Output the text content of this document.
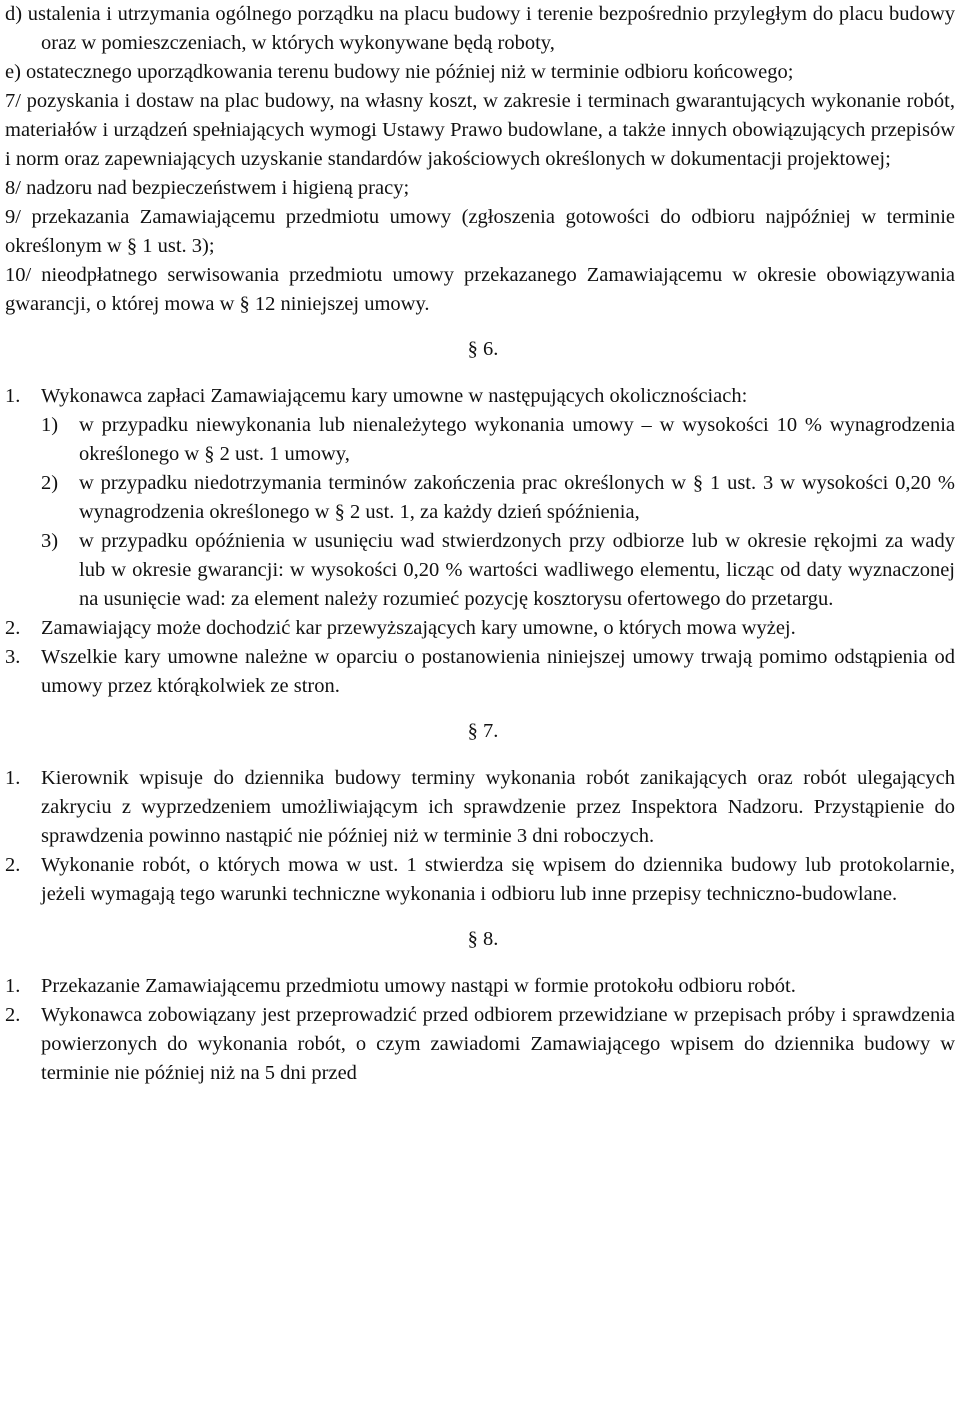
d) ustalenia i utrzymania ogólnego porządku na placu budowy i terenie bezpośrednio przyległym do placu budowy oraz w pomieszczeniach, w których wykonywane będą roboty,
e) ostatecznego uporządkowania terenu budowy nie później niż w terminie odbioru końcowego;
7/ pozyskania i dostaw na plac budowy, na własny koszt, w zakresie i terminach gwarantujących wykonanie robót, materiałów i urządzeń spełniających wymogi Ustawy Prawo budowlane, a także innych obowiązujących przepisów i norm oraz zapewniających uzyskanie standardów jakościowych określonych w dokumentacji projektowej;
8/ nadzoru nad bezpieczeństwem i higieną pracy;
9/ przekazania Zamawiającemu przedmiotu umowy (zgłoszenia gotowości do odbioru najpóźniej w terminie określonym w § 1 ust. 3);
10/ nieodpłatnego serwisowania przedmiotu umowy przekazanego Zamawiającemu w okresie obowiązywania gwarancji, o której mowa w § 12 niniejszej umowy.
§ 6.
1. Wykonawca zapłaci Zamawiającemu kary umowne w następujących okolicznościach:
1) w przypadku niewykonania lub nienależytego wykonania umowy – w wysokości 10 % wynagrodzenia określonego w § 2 ust. 1 umowy,
2) w przypadku niedotrzymania terminów zakończenia prac określonych w § 1 ust. 3 w wysokości 0,20 % wynagrodzenia określonego w § 2 ust. 1, za każdy dzień spóźnienia,
3) w przypadku opóźnienia w usunięciu wad stwierdzonych przy odbiorze lub w okresie rękojmi za wady lub w okresie gwarancji: w wysokości 0,20 % wartości wadliwego elementu, licząc od daty wyznaczonej na usunięcie wad: za element należy rozumieć pozycję kosztorysu ofertowego do przetargu.
2. Zamawiający może dochodzić kar przewyższających kary umowne, o których mowa wyżej.
3. Wszelkie kary umowne należne w oparciu o postanowienia niniejszej umowy trwają pomimo odstąpienia od umowy przez którąkolwiek ze stron.
§ 7.
1. Kierownik wpisuje do dziennika budowy terminy wykonania robót zanikających oraz robót ulegających zakryciu z wyprzedzeniem umożliwiającym ich sprawdzenie przez Inspektora Nadzoru. Przystąpienie do sprawdzenia powinno nastąpić nie później niż w terminie 3 dni roboczych.
2. Wykonanie robót, o których mowa w ust. 1 stwierdza się wpisem do dziennika budowy lub protokolarnie, jeżeli wymagają tego warunki techniczne wykonania i odbioru lub inne przepisy techniczno-budowlane.
§ 8.
1. Przekazanie Zamawiającemu przedmiotu umowy nastąpi w formie protokołu odbioru robót.
2. Wykonawca zobowiązany jest przeprowadzić przed odbiorem przewidziane w przepisach próby i sprawdzenia powierzonych do wykonania robót, o czym zawiadomi Zamawiającego wpisem do dziennika budowy w terminie nie później niż na 5 dni przed
